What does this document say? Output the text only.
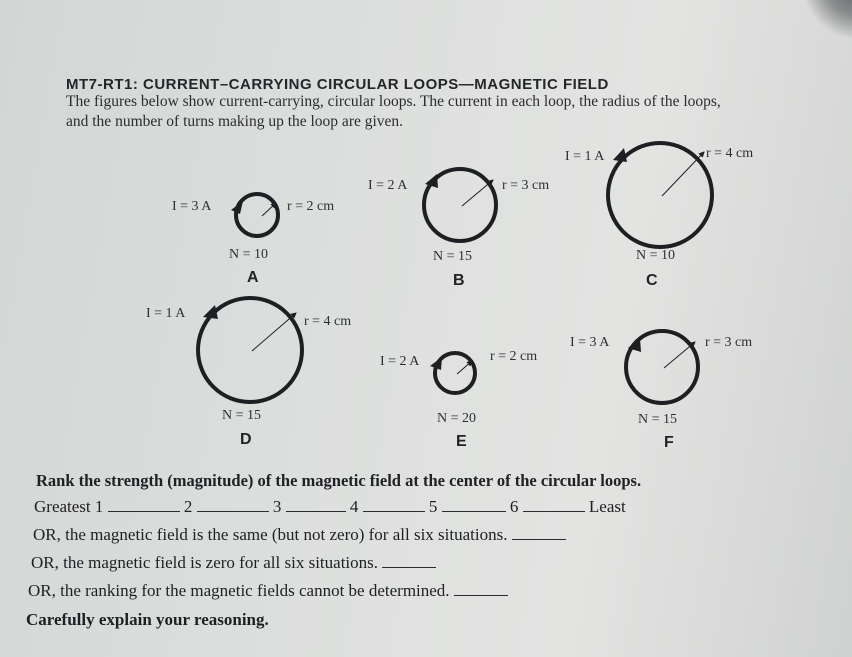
MT7-RT1: CURRENT–CARRYING CIRCULAR LOOPS—MAGNETIC FIELD
The figures below show current-carrying, circular loops. The current in each loop, the radius of the loops,
and the number of turns making up the loop are given.
I = 3 A	r = 2 cm
N = 10
A
I = 2 A	r = 3 cm
N = 15
B
I = 1 A	r = 4 cm
N = 10
C
I = 1 A
r = 4 cm
N = 15
D
I = 2 A	r = 2 cm
N = 20
E
I = 3 A	r = 3 cm
N = 15
F
Rank the strength (magnitude) of the magnetic field at the center of the circular loops.
Greatest 1	2	3	4	5	6	Least
OR, the magnetic field is the same (but not zero) for all six situations.
OR, the magnetic field is zero for all six situations.
OR, the ranking for the magnetic fields cannot be determined.
Carefully explain your reasoning.
